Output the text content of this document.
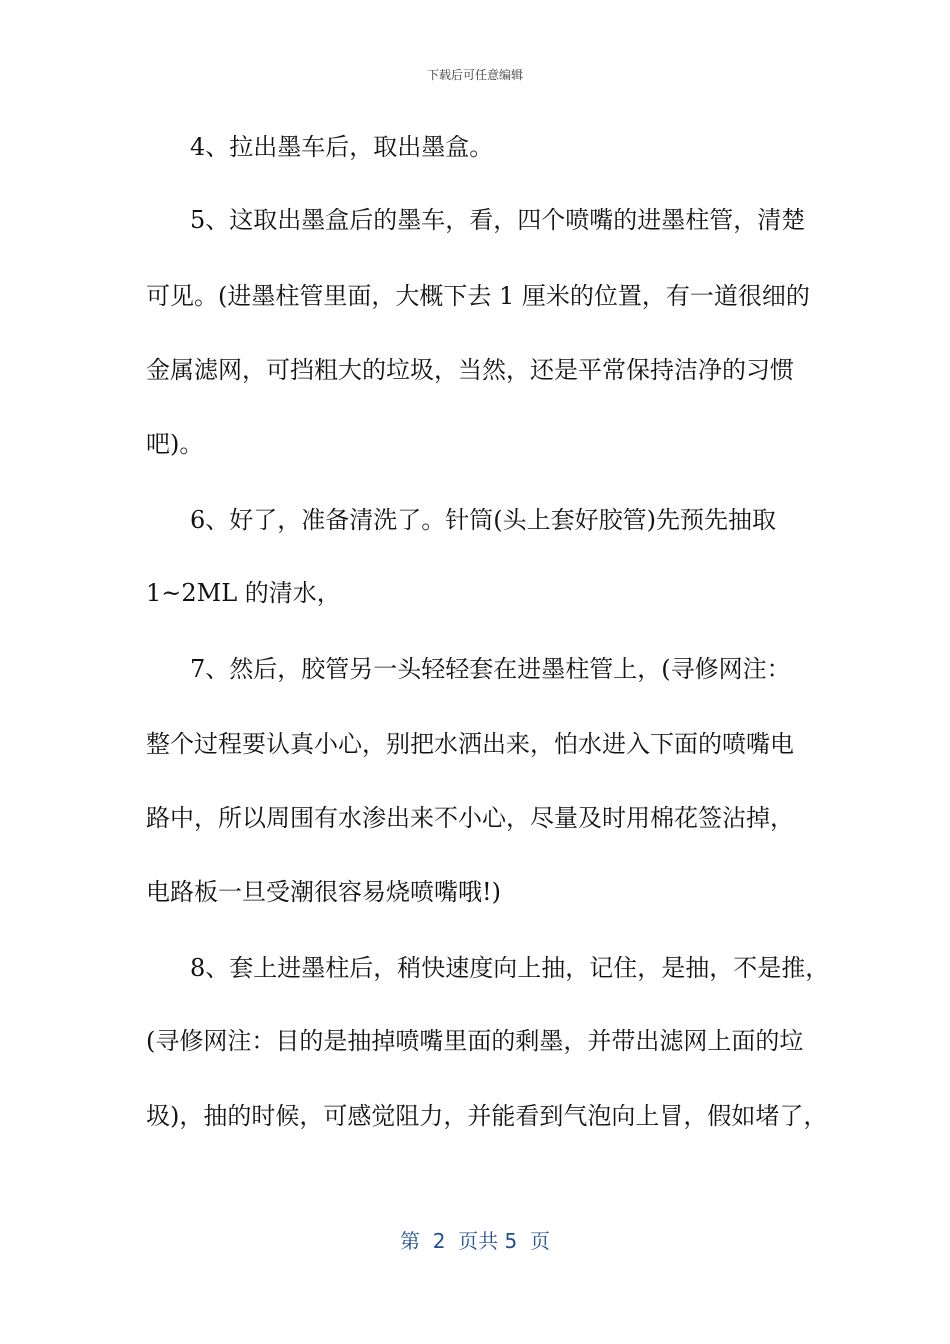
下载后可任意编辑
4、拉出墨车后，取出墨盒。
5、这取出墨盒后的墨车，看，四个喷嘴的进墨柱管，清楚
可见。(进墨柱管里面，大概下去 1 厘米的位置，有一道很细的
金属滤网，可挡粗大的垃圾，当然，还是平常保持洁净的习惯
吧)。
6、好了，准备清洗了。针筒(头上套好胶管)先预先抽取
1~2ML 的清水，
7、然后，胶管另一头轻轻套在进墨柱管上，(寻修网注：
整个过程要认真小心，别把水洒出来，怕水进入下面的喷嘴电
路中，所以周围有水渗出来不小心，尽量及时用棉花签沾掉，
电路板一旦受潮很容易烧喷嘴哦!)
8、套上进墨柱后，稍快速度向上抽，记住，是抽，不是推，
(寻修网注：目的是抽掉喷嘴里面的剩墨，并带出滤网上面的垃
圾)，抽的时候，可感觉阻力，并能看到气泡向上冒，假如堵了，
第  2  页共 5  页
